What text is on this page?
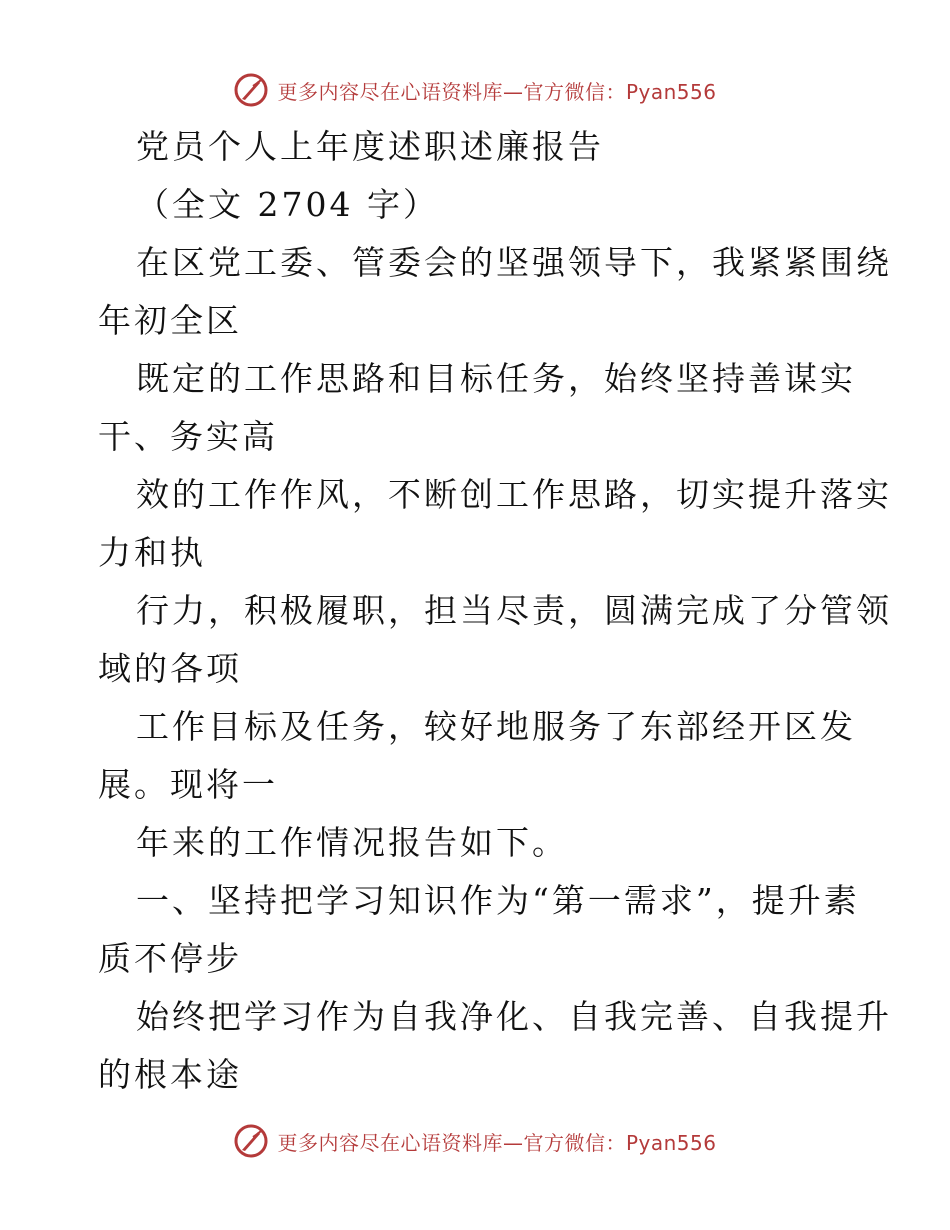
更多内容尽在心语资料库—官方微信：Pyan556
党员个人上年度述职述廉报告
（全文 2704 字）
在区党工委、管委会的坚强领导下，我紧紧围绕
年初全区
既定的工作思路和目标任务，始终坚持善谋实
干、务实高
效的工作作风，不断创工作思路，切实提升落实
力和执
行力，积极履职，担当尽责，圆满完成了分管领
域的各项
工作目标及任务，较好地服务了东部经开区发
展。现将一
年来的工作情况报告如下。
一、坚持把学习知识作为“第一需求”，提升素
质不停步
始终把学习作为自我净化、自我完善、自我提升
的根本途
更多内容尽在心语资料库—官方微信：Pyan556
